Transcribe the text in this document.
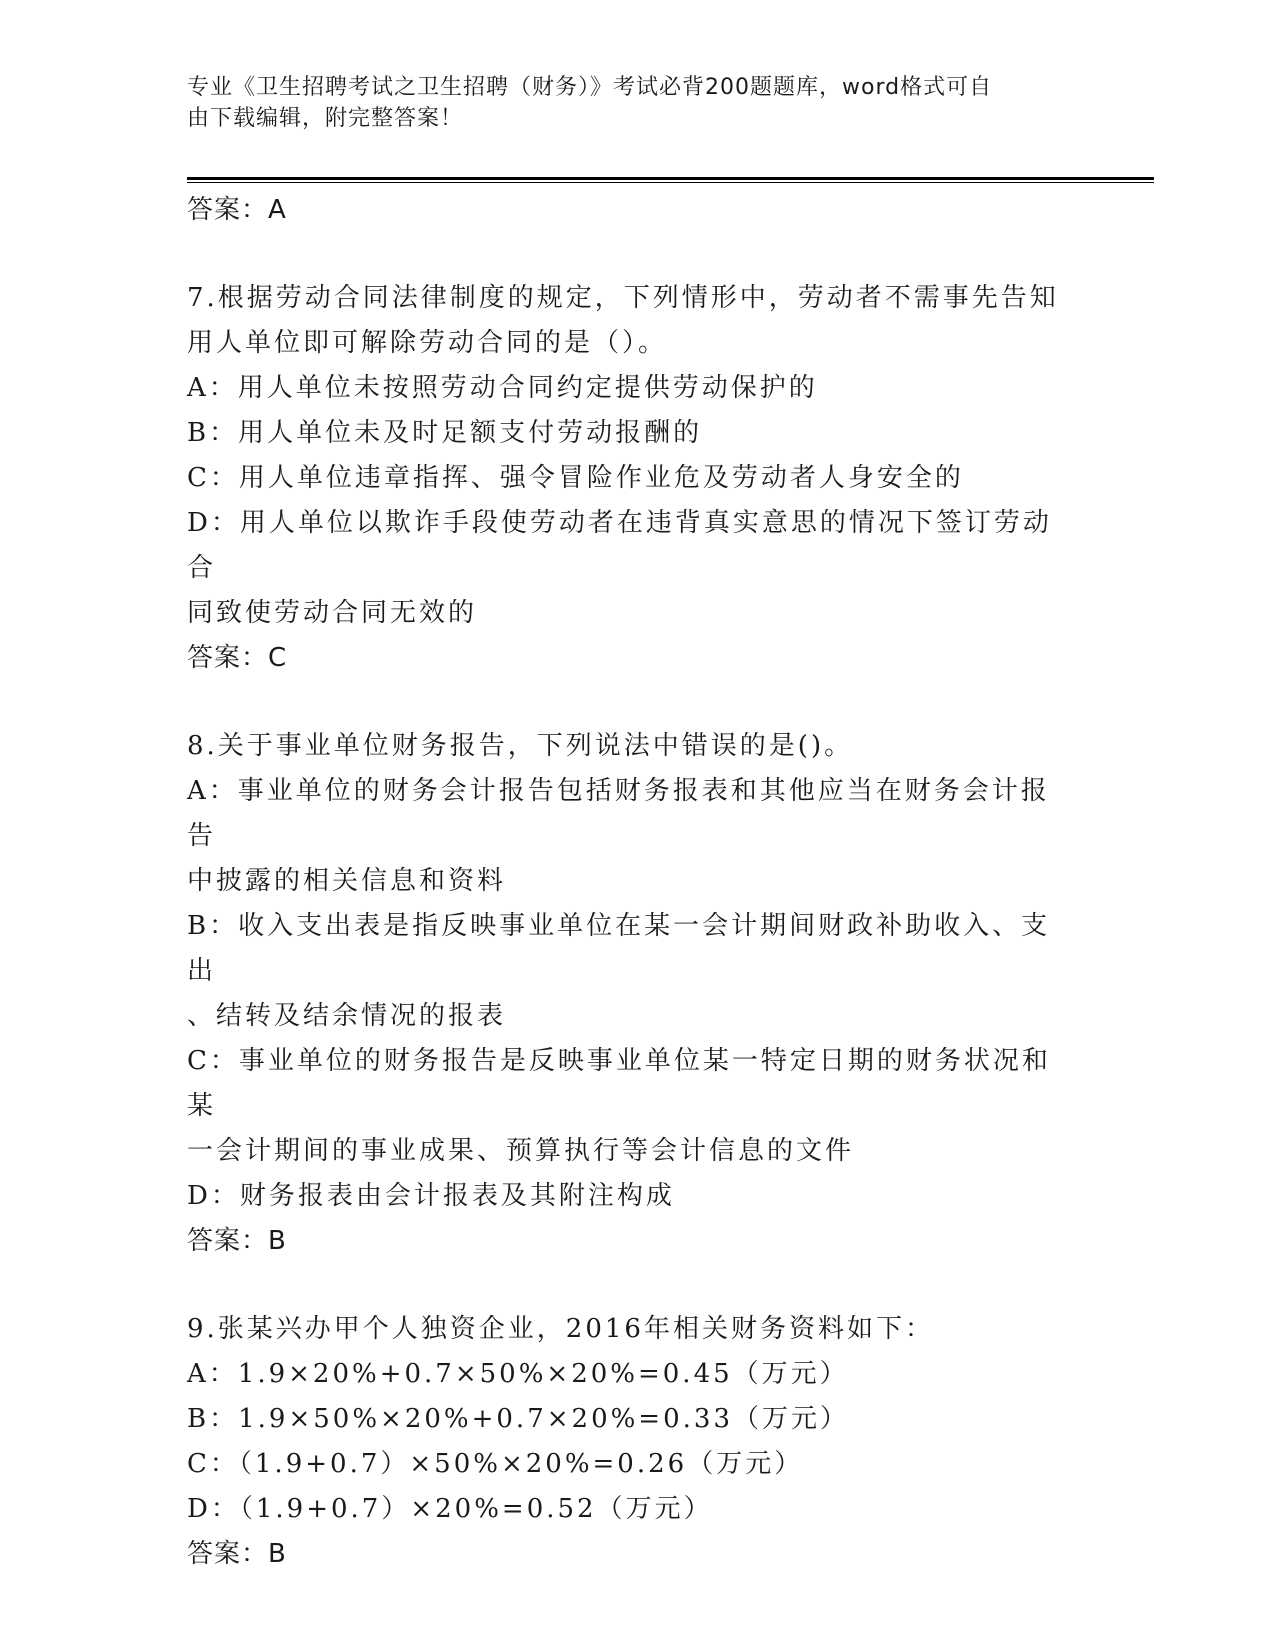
专业《卫生招聘考试之卫生招聘（财务）》考试必背200题题库，word格式可自
由下载编辑，附完整答案！

答案：A

7.根据劳动合同法律制度的规定，下列情形中，劳动者不需事先告知

用人单位即可解除劳动合同的是（）。

A：用人单位未按照劳动合同约定提供劳动保护的

B：用人单位未及时足额支付劳动报酬的

C：用人单位违章指挥、强令冒险作业危及劳动者人身安全的

D：用人单位以欺诈手段使劳动者在违背真实意思的情况下签订劳动合

同致使劳动合同无效的

答案：C

8.关于事业单位财务报告，下列说法中错误的是()。

A：事业单位的财务会计报告包括财务报表和其他应当在财务会计报告

中披露的相关信息和资料

B：收入支出表是指反映事业单位在某一会计期间财政补助收入、支出

、结转及结余情况的报表

C：事业单位的财务报告是反映事业单位某一特定日期的财务状况和某

一会计期间的事业成果、预算执行等会计信息的文件

D：财务报表由会计报表及其附注构成

答案：B

9.张某兴办甲个人独资企业，2016年相关财务资料如下：

A：1.9×20%+0.7×50%×20%=0.45（万元）

B：1.9×50%×20%+0.7×20%=0.33（万元）

C：（1.9+0.7）×50%×20%=0.26（万元）

D：（1.9+0.7）×20%=0.52（万元）

答案：B
